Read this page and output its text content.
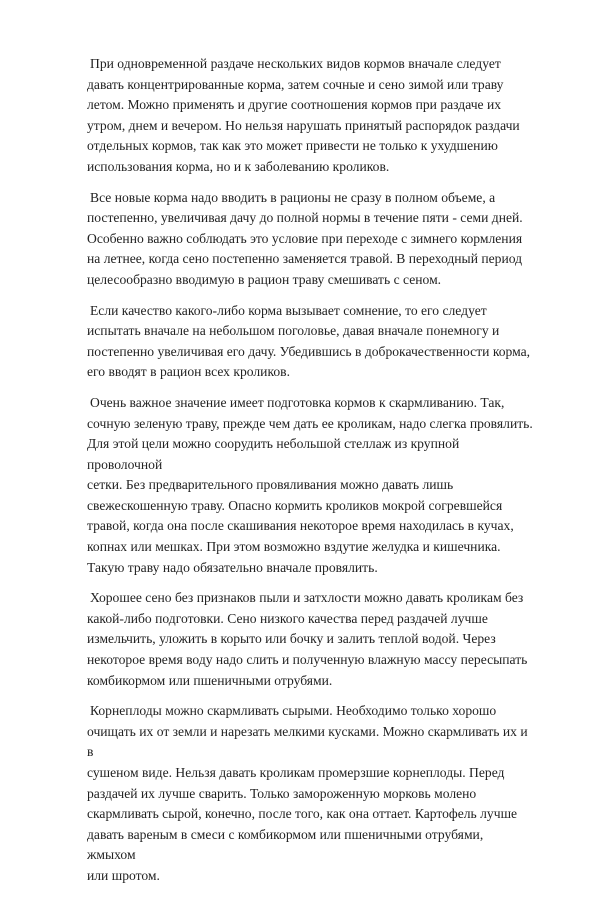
При одновременной раздаче нескольких видов кормов вначале следует
давать концентрированные корма, затем сочные и сено зимой или траву
летом. Можно применять и другие соотношения кормов при раздаче их
утром, днем и вечером. Но нельзя нарушать принятый распорядок раздачи
отдельных кормов, так как это может привести не только к ухудшению
использования корма, но и к заболеванию кроликов.

Все новые корма надо вводить в рационы не сразу в полном объеме, а
постепенно, увеличивая дачу до полной нормы в течение пяти - семи дней.
Особенно важно соблюдать это условие при переходе с зимнего кормления
на летнее, когда сено постепенно заменяется травой. В переходный период
целесообразно вводимую в рацион траву смешивать с сеном.

Если качество какого-либо корма вызывает сомнение, то его следует
испытать вначале на небольшом поголовье, давая вначале понемногу и
постепенно увеличивая его дачу. Убедившись в доброкачественности корма,
его вводят в рацион всех кроликов.

Очень важное значение имеет подготовка кормов к скармливанию. Так,
сочную зеленую траву, прежде чем дать ее кроликам, надо слегка провялить.
Для этой цели можно соорудить небольшой стеллаж из крупной проволочной
сетки. Без предварительного провяливания можно давать лишь
свежескошенную траву. Опасно кормить кроликов мокрой согревшейся
травой, когда она после скашивания некоторое время находилась в кучах,
копнах или мешках. При этом возможно вздутие желудка и кишечника.
Такую траву надо обязательно вначале провялить.

Хорошее сено без признаков пыли и затхлости можно давать кроликам без
какой-либо подготовки. Сено низкого качества перед раздачей лучше
измельчить, уложить в корыто или бочку и залить теплой водой. Через
некоторое время воду надо слить и полученную влажную массу пересыпать
комбикормом или пшеничными отрубями.

Корнеплоды можно скармливать сырыми. Необходимо только хорошо
очищать их от земли и нарезать мелкими кусками. Можно скармливать их и в
сушеном виде. Нельзя давать кроликам промерзшие корнеплоды. Перед
раздачей их лучше сварить. Только замороженную морковь молено
скармливать сырой, конечно, после того, как она оттает. Картофель лучше
давать вареным в смеси с комбикормом или пшеничными отрубями, жмыхом
или шротом.
